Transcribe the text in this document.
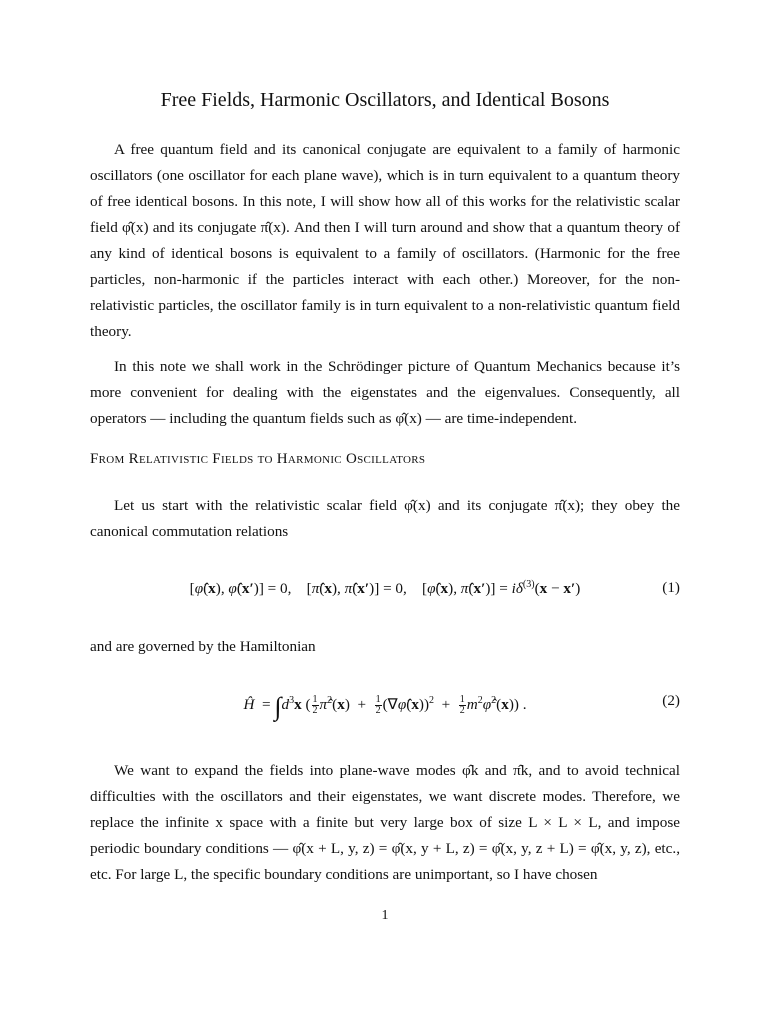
Free Fields, Harmonic Oscillators, and Identical Bosons

A free quantum field and its canonical conjugate are equivalent to a family of harmonic oscillators (one oscillator for each plane wave), which is in turn equivalent to a quantum theory of free identical bosons. In this note, I will show how all of this works for the relativistic scalar field φ̂(x) and its conjugate π̂(x). And then I will turn around and show that a quantum theory of any kind of identical bosons is equivalent to a family of oscillators. (Harmonic for the free particles, non-harmonic if the particles interact with each other.) Moreover, for the non-relativistic particles, the oscillator family is in turn equivalent to a non-relativistic quantum field theory.

In this note we shall work in the Schrödinger picture of Quantum Mechanics because it’s more convenient for dealing with the eigenstates and the eigenvalues. Consequently, all operators — including the quantum fields such as φ̂(x) — are time-independent.

From Relativistic Fields to Harmonic Oscillators

Let us start with the relativistic scalar field φ̂(x) and its conjugate π̂(x); they obey the canonical commutation relations

[φ̂(x), φ̂(x′)] = 0,    [π̂(x), π̂(x′)] = 0,    [φ̂(x), π̂(x′)] = $i\delta^{(3)}(x - x')$	(1)

and are governed by the Hamiltonian

Ĥ  = $\int d^3x$ ( $\frac{1}{2}$ π̂$^2$(x)  + $\frac{1}{2}$ (∇φ̂(x))$^2$  + $\frac{1}{2}$ $m^2\varphî^2(x)$) .	(2)

We want to expand the fields into plane-wave modes φ̂k and π̂k, and to avoid technical difficulties with the oscillators and their eigenstates, we want discrete modes. Therefore, we replace the infinite x space with a finite but very large box of size L × L × L, and impose periodic boundary conditions — φ̂(x + L, y, z) = φ̂(x, y + L, z) = φ̂(x, y, z + L) = φ̂(x, y, z), etc., etc. For large L, the specific boundary conditions are unimportant, so I have chosen

1
